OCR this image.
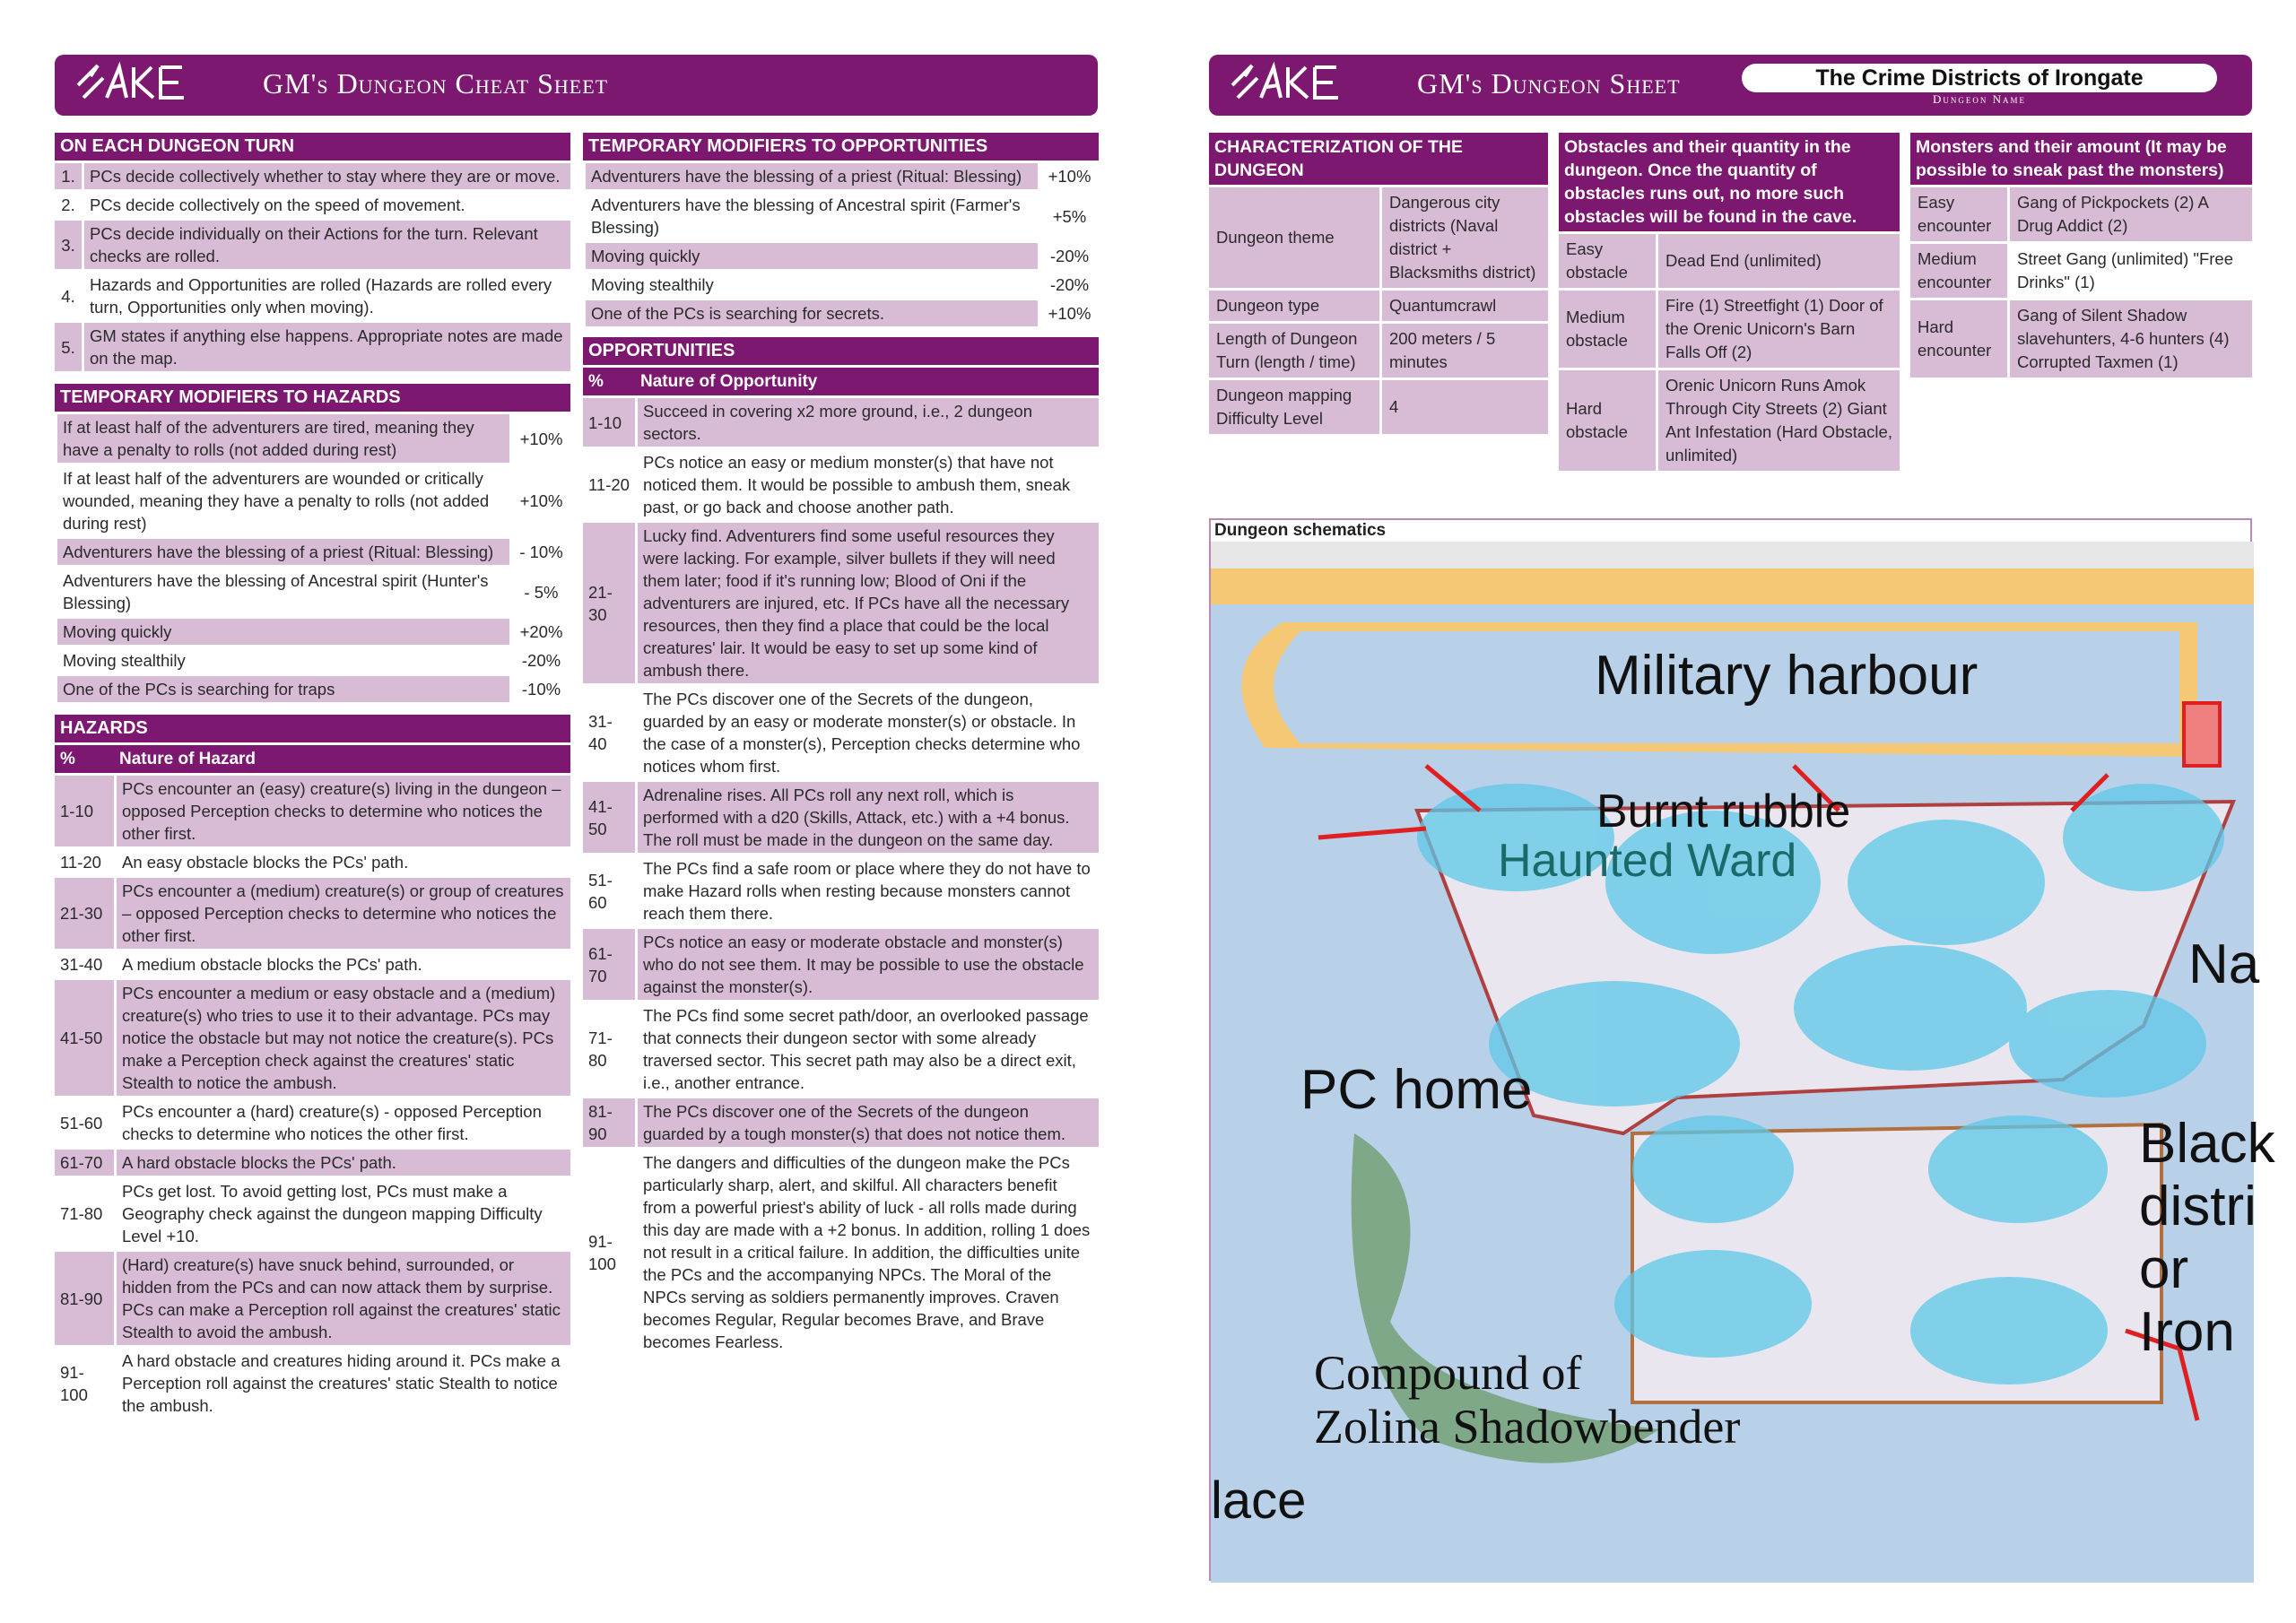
GM's Dungeon Cheat Sheet
ON EACH DUNGEON TURN
1. PCs decide collectively whether to stay where they are or move.
2. PCs decide collectively on the speed of movement.
3.
PCs decide individually on their Actions for the turn. Relevant checks are rolled.
4.
Hazards and Opportunities are rolled (Hazards are rolled every turn, Opportunities only when moving).
5.
GM states if anything else happens. Appropriate notes are made on the map.
TEMPORARY MODIFIERS TO HAZARDS
If at least half of the adventurers are tired, meaning they have a penalty to rolls (not added during rest)
+10%
If at least half of the adventurers are wounded or critically wounded, meaning they have a penalty to rolls (not added during rest)
+10%
Adventurers have the blessing of a priest (Ritual: Blessing)	- 10%
Adventurers have the blessing of Ancestral spirit (Hunter's Blessing)
- 5%
Moving quickly	+20%
Moving stealthily	-20%
One of the PCs is searching for traps	-10%
HAZARDS
%	Nature of Hazard
1-10
PCs encounter an (easy) creature(s) living in the dungeon – opposed Perception checks to determine who notices the other first.
11-20	An easy obstacle blocks the PCs' path.
21-30
PCs encounter a (medium) creature(s) or group of creatures – opposed Perception checks to determine who notices the other first.
31-40	A medium obstacle blocks the PCs' path.
41-50
PCs encounter a medium or easy obstacle and a (medium) creature(s) who tries to use it to their advantage. PCs may notice the obstacle but may not notice the creature(s). PCs make a Perception check against the creatures' static Stealth to notice the ambush.
51-60
PCs encounter a (hard) creature(s) - opposed Perception checks to determine who notices the other first.
61-70	A hard obstacle blocks the PCs' path.
71-80
PCs get lost. To avoid getting lost, PCs must make a Geography check against the dungeon mapping Difficulty Level +10.
81-90
(Hard) creature(s) have snuck behind, surrounded, or hidden from the PCs and can now attack them by surprise. PCs can make a Perception roll against the creatures' static Stealth to avoid the ambush.
91-100
A hard obstacle and creatures hiding around it. PCs make a Perception roll against the creatures' static Stealth to notice the ambush.
TEMPORARY MODIFIERS TO OPPORTUNITIES
Adventurers have the blessing of a priest (Ritual: Blessing)	+10%
Adventurers have the blessing of Ancestral spirit (Farmer's Blessing)
+5%
Moving quickly	-20%
Moving stealthily	-20%
One of the PCs is searching for secrets.	+10%
OPPORTUNITIES
%	Nature of Opportunity
1-10
Succeed in covering x2 more ground, i.e., 2 dungeon sectors.
11-20
PCs notice an easy or medium monster(s) that have not noticed them. It would be possible to ambush them, sneak past, or go back and choose another path.
21-30
Lucky find. Adventurers find some useful resources they were lacking. For example, silver bullets if they will need them later; food if it's running low; Blood of Oni if the adventurers are injured, etc. If PCs have all the necessary resources, then they find a place that could be the local creatures' lair. It would be easy to set up some kind of ambush there.
31-40
The PCs discover one of the Secrets of the dungeon, guarded by an easy or moderate monster(s) or obstacle. In the case of a monster(s), Perception checks determine who notices whom first.
41-50
Adrenaline rises. All PCs roll any next roll, which is performed with a d20 (Skills, Attack, etc.) with a +4 bonus. The roll must be made in the dungeon on the same day.
51-60
The PCs find a safe room or place where they do not have to make Hazard rolls when resting because monsters cannot reach them there.
61-70
PCs notice an easy or moderate obstacle and monster(s) who do not see them. It may be possible to use the obstacle against the monster(s).
71-80
The PCs find some secret path/door, an overlooked passage that connects their dungeon sector with some already traversed sector. This secret path may also be a direct exit, i.e., another entrance.
81-90
The PCs discover one of the Secrets of the dungeon guarded by a tough monster(s) that does not notice them.
91-100
The dangers and difficulties of the dungeon make the PCs particularly sharp, alert, and skilful. All characters benefit from a powerful priest's ability of luck - all rolls made during this day are made with a +2 bonus. In addition, rolling 1 does not result in a critical failure. In addition, the difficulties unite the PCs and the accompanying NPCs. The Moral of the NPCs serving as soldiers permanently improves. Craven becomes Regular, Regular becomes Brave, and Brave becomes Fearless.
GM's Dungeon Sheet	The Crime Districts of Irongate
Dungeon Name
CHARACTERIZATION OF THE DUNGEON
Dungeon theme
Dangerous city districts (Naval district + Blacksmiths district)
Dungeon type	Quantumcrawl
Length of Dungeon Turn (length / time)
200 meters / 5 minutes
Dungeon mapping Difficulty Level
4
Obstacles and their quantity in the dungeon. Once the quantity of obstacles runs out, no more such obstacles will be found in the cave.
Easy obstacle
Dead End (unlimited)
Medium obstacle
Fire (1) Streetfight (1) Door of the Orenic Unicorn's Barn Falls Off (2)
Hard obstacle
Orenic Unicorn Runs Amok Through City Streets (2) Giant Ant Infestation (Hard Obstacle, unlimited)
Monsters and their amount (It may be possible to sneak past the monsters)
Easy encounter
Gang of Pickpockets (2) A Drug Addict (2)
Medium encounter
Street Gang (unlimited) "Free Drinks" (1)
Hard encounter
Gang of Silent Shadow slavehunters, 4-6 hunters (4) Corrupted Taxmen (1)
Dungeon schematics
Military harbour
Burnt rubble
Haunted Ward
PC home
Na
Black
distri
or
Iron
Compound of
Zolina Shadowbender
lace
